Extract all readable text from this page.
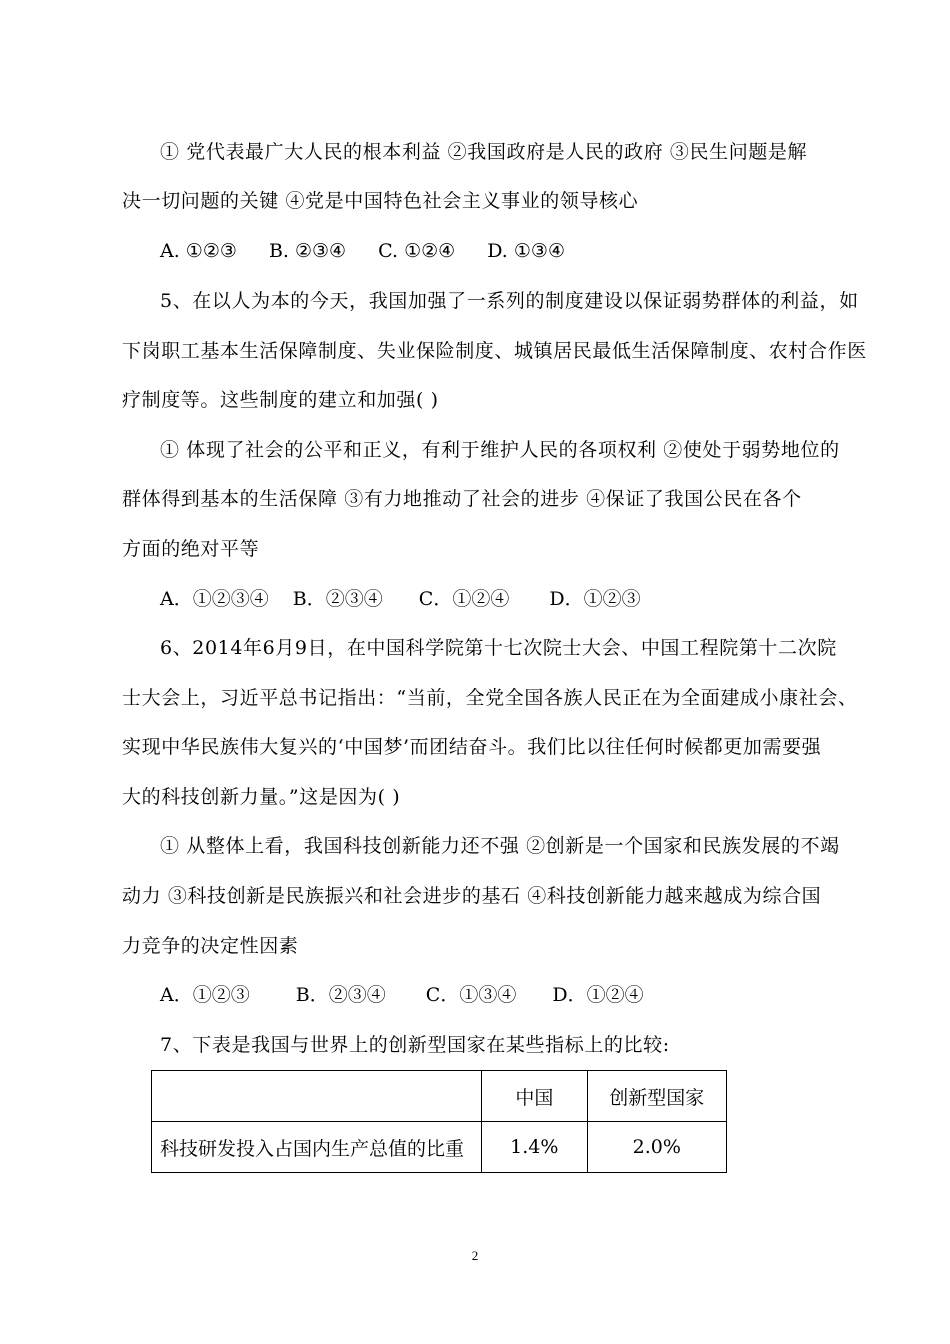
① 党代表最广大人民的根本利益 ②我国政府是人民的政府 ③民生问题是解
决一切问题的关键 ④党是中国特色社会主义事业的领导核心
A. ①②③ B. ②③④ C. ①②④ D. ①③④
5、在以人为本的今天，我国加强了一系列的制度建设以保证弱势群体的利益，如
下岗职工基本生活保障制度、失业保险制度、城镇居民最低生活保障制度、农村合作医
疗制度等。这些制度的建立和加强( )
① 体现了社会的公平和正义，有利于维护人民的各项权利 ②使处于弱势地位的
群体得到基本的生活保障 ③有力地推动了社会的进步 ④保证了我国公民在各个
方面的绝对平等
A．①②③④ B．②③④ C．①②④ D．①②③
6、2014年6月9日，在中国科学院第十七次院士大会、中国工程院第十二次院
士大会上，习近平总书记指出：“当前，全党全国各族人民正在为全面建成小康社会、
实现中华民族伟大复兴的‘中国梦’而团结奋斗。我们比以往任何时候都更加需要强
大的科技创新力量。”这是因为( )
① 从整体上看，我国科技创新能力还不强 ②创新是一个国家和民族发展的不竭
动力 ③科技创新是民族振兴和社会进步的基石 ④科技创新能力越来越成为综合国
力竞争的决定性因素
A．①②③ B．②③④ C．①③④ D．①②④
7、下表是我国与世界上的创新型国家在某些指标上的比较:
	中国	创新型国家
科技研发投入占国内生产总值的比重	1.4%	2.0%
2
